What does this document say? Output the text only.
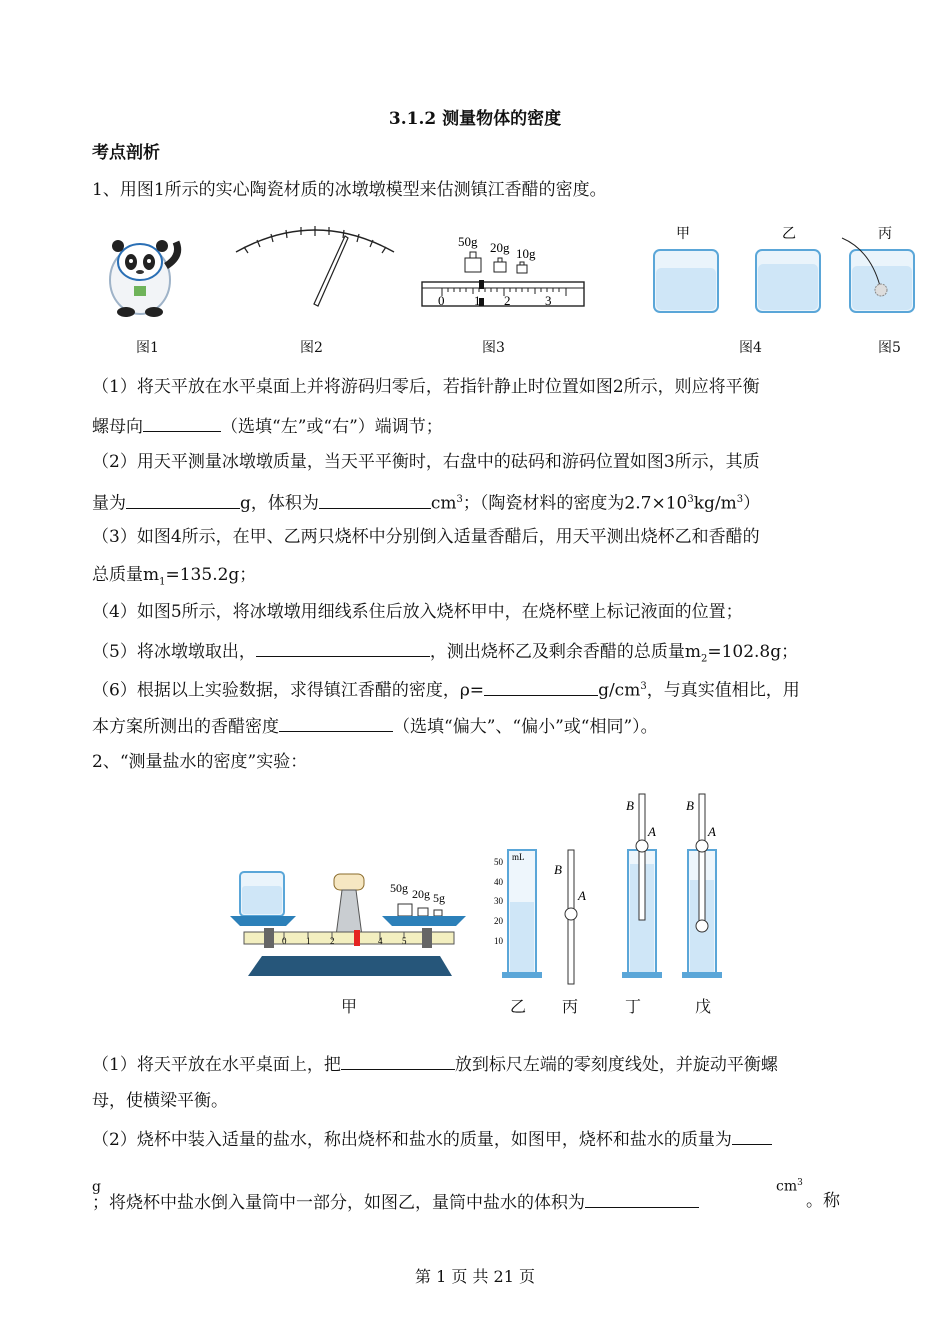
3.1.2 测量物体的密度
考点剖析
1、用图1所示的实心陶瓷材质的冰墩墩模型来估测镇江香醋的密度。
50g 20g 10g
0 1 2	3
甲	乙	丙
图1	图2	图3	图4	图5
（1）将天平放在水平桌面上并将游码归零后，若指针静止时位置如图2所示，则应将平衡
螺母向	（选填“左”或“右”）端调节；
（2）用天平测量冰墩墩质量，当天平平衡时，右盘中的砝码和游码位置如图3所示，其质
量为	g，体积为	$cm^3$；（陶瓷材料的密度为$2.7\times 10^3kg/m^3$）
（3）如图4所示，在甲、乙两只烧杯中分别倒入适量香醋后，用天平测出烧杯乙和香醋的
总质量$m_1=135.2g$；
（4）如图5所示，将冰墩墩用细线系住后放入烧杯甲中，在烧杯壁上标记液面的位置；
（5）将冰墩墩取出，	，测出烧杯乙及剩余香醋的总质量$m_2=102.8g$；
（6）根据以上实验数据，求得镇江香醋的密度，ρ=	$g/cm^3$，与真实值相比，用
本方案所测出的香醋密度	（选填“偏大”、“偏小”或“相同”）。
2、“测量盐水的密度”实验：
50g 20g 5g
0 1 2	4 5
mL
50
40
30
20
10
B
A
B
A
B
A
甲	乙 丙	丁	戊
（1）将天平放在水平桌面上，把	放到标尺左端的零刻度线处，并旋动平衡螺
母，使横梁平衡。
（2）烧杯中装入适量的盐水，称出烧杯和盐水的质量，如图甲，烧杯和盐水的质量为
g
；将烧杯中盐水倒入量筒中一部分，如图乙，量筒中盐水的体积为
$cm^3$
。称
第 1 页 共 21 页
